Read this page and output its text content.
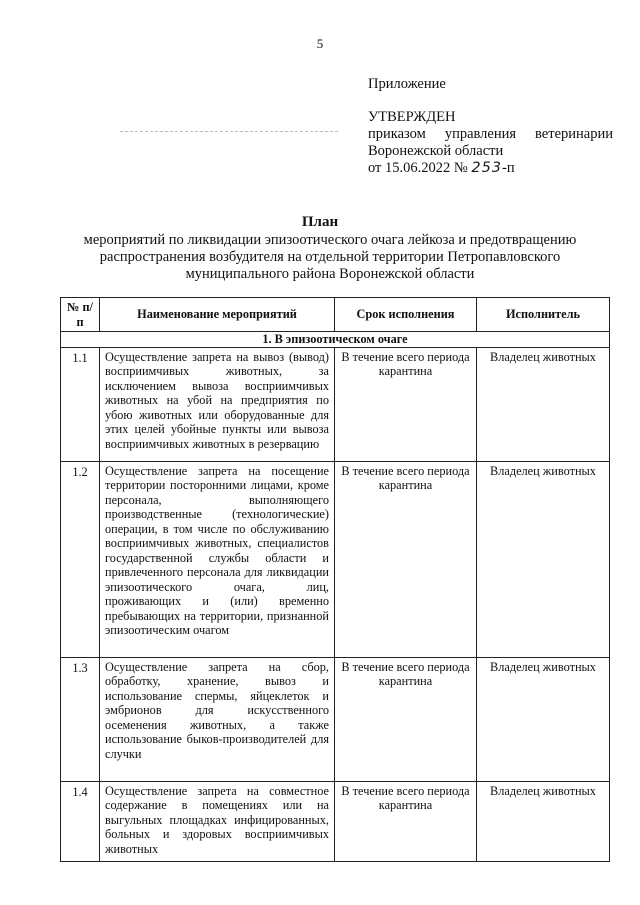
5
Приложение
УТВЕРЖДЕН
приказом управления ветеринарии
Воронежской области
от 15.06.2022 № 253-п
План
мероприятий по ликвидации эпизоотического очага лейкоза и предотвращению распространения возбудителя на отдельной территории Петропавловского муниципального района Воронежской области
№ п/п	Наименование мероприятий	Срок исполнения	Исполнитель
1. В эпизоотическом очаге			
1.1	Осуществление запрета на вывоз (вывод) восприимчивых животных, за исключением вывоза восприимчивых животных на убой на предприятия по убою животных или оборудованные для этих целей убойные пункты или вывоза восприимчивых животных в резервацию	В течение всего периода карантина	Владелец животных
1.2	Осуществление запрета на посещение территории посторонними лицами, кроме персонала, выполняющего производственные (технологические) операции, в том числе по обслуживанию восприимчивых животных, специалистов государственной службы области и привлеченного персонала для ликвидации эпизоотического очага, лиц, проживающих и (или) временно пребывающих на территории, признанной эпизоотическим очагом	В течение всего периода карантина	Владелец животных
1.3	Осуществление запрета на сбор, обработку, хранение, вывоз и использование спермы, яйцеклеток и эмбрионов для искусственного осеменения животных, а также использование быков-производителей для случки	В течение всего периода карантина	Владелец животных
1.4	Осуществление запрета на совместное содержание в помещениях или на выгульных площадках инфицированных, больных и здоровых восприимчивых животных	В течение всего периода карантина	Владелец животных
